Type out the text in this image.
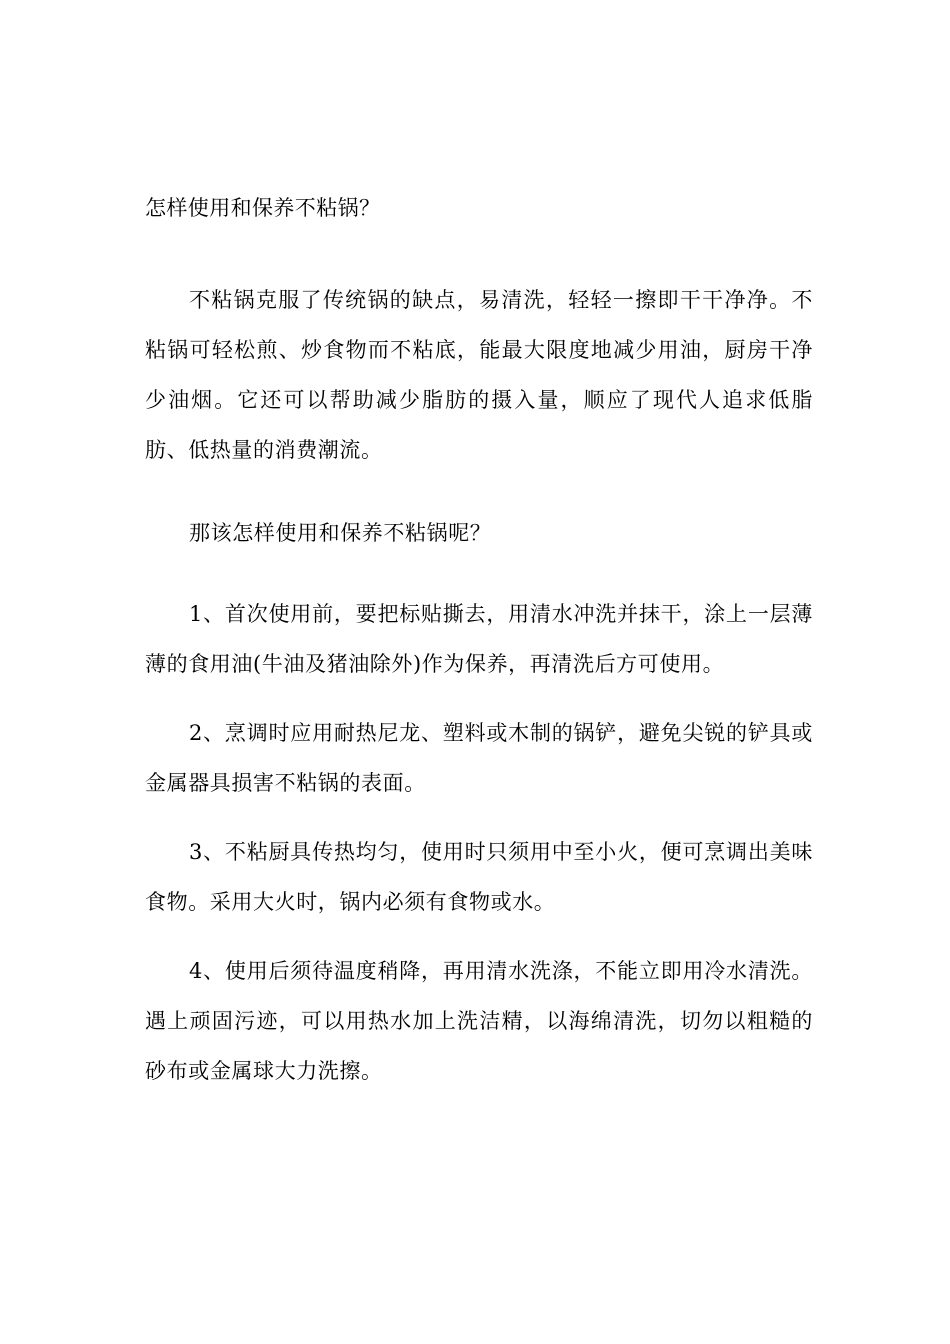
怎样使用和保养不粘锅？

不粘锅克服了传统锅的缺点，易清洗，轻轻一擦即干干净净。不粘锅可轻松煎、炒食物而不粘底，能最大限度地减少用油，厨房干净少油烟。它还可以帮助减少脂肪的摄入量，顺应了现代人追求低脂肪、低热量的消费潮流。

那该怎样使用和保养不粘锅呢？

1、首次使用前，要把标贴撕去，用清水冲洗并抹干，涂上一层薄薄的食用油(牛油及猪油除外)作为保养，再清洗后方可使用。

2、烹调时应用耐热尼龙、塑料或木制的锅铲，避免尖锐的铲具或金属器具损害不粘锅的表面。

3、不粘厨具传热均匀，使用时只须用中至小火，便可烹调出美味食物。采用大火时，锅内必须有食物或水。

4、使用后须待温度稍降，再用清水洗涤，不能立即用冷水清洗。遇上顽固污迹，可以用热水加上洗洁精，以海绵清洗，切勿以粗糙的砂布或金属球大力洗擦。
